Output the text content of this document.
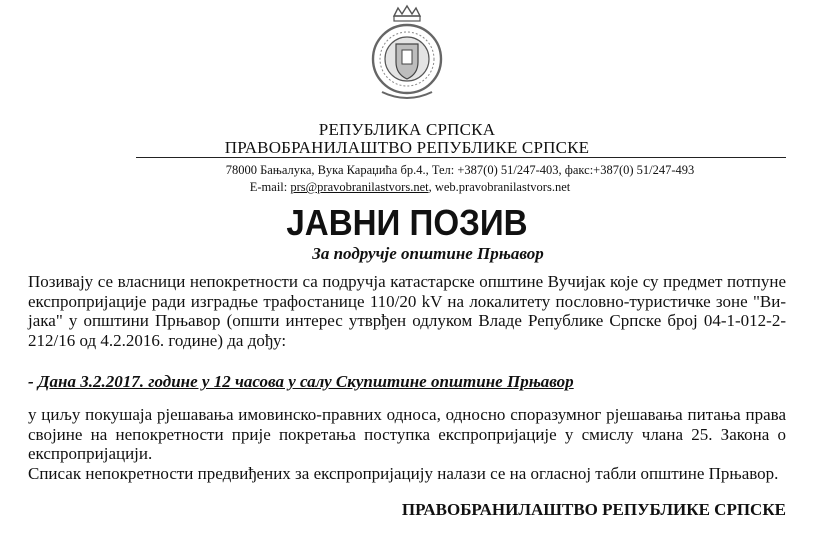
РЕПУБЛИКА СРПСКА
ПРАВОБРАНИЛАШТВО РЕПУБЛИКЕ СРПСКЕ
78000 Бањалука, Вука Караџића бр.4., Тел: +387(0) 51/247-403, факс:+387(0) 51/247-493
E-mail: prs@pravobranilastvors.net, web.pravobranilastvors.net
ЈАВНИ ПОЗИВ
За подручје општине Прњавор
Позивају се власници непокретности са подручја катастарске општине Вучијак које су предмет потпуне експропријације ради изградње трафостанице 110/20 kV на локалитету пословно-туристичке зоне "Ви-јака" у општини Прњавор (општи интерес утврђен одлуком Владе Републике Српске број 04-1-012-2-212/16 од 4.2.2016. године) да дођу:
- Дана 3.2.2017. године у 12 часова у салу Скупштине општине Прњавор
у циљу покушаја рјешавања имовинско-правних односа, односно споразумног рјешавања питања права својине на непокретности прије покретања поступка експропријације у смислу члана 25. Закона о експропријацији.
Списак непокретности предвиђених за експропријацију налази се на огласној табли општине Прњавор.
ПРАВОБРАНИЛАШТВО РЕПУБЛИКЕ СРПСКЕ
